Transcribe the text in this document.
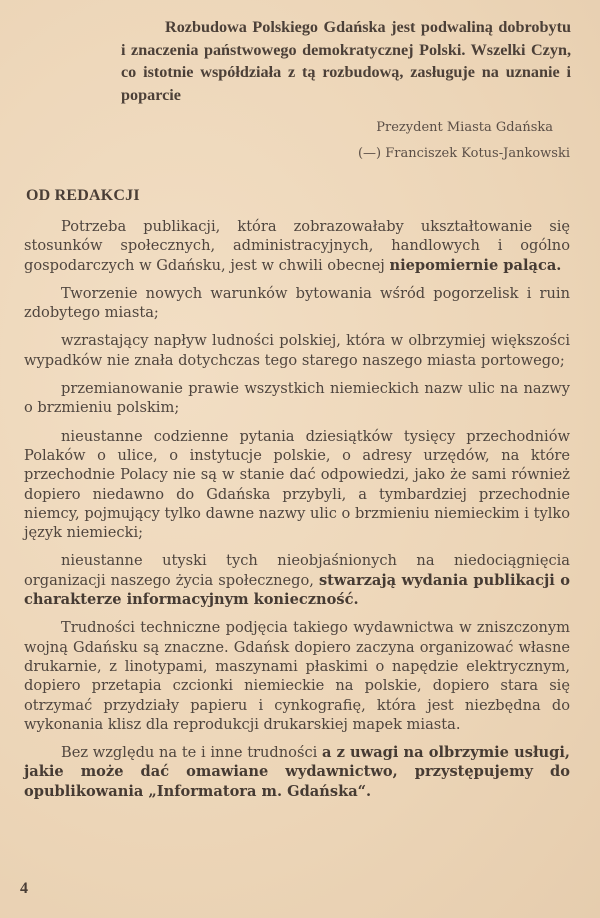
Rozbudowa Polskiego Gdańska jest podwaliną dobrobytu i znaczenia państwowego demokratycznej Polski. Wszelki Czyn, co istotnie współdziała z tą rozbudową, zasługuje na uznanie i poparcie

Prezydent Miasta Gdańska
(—) Franciszek Kotus-Jankowski
OD REDAKCJI

Potrzeba publikacji, która zobrazowałaby ukształtowanie się stosunków społecznych, administracyjnych, handlowych i ogólno gospodarczych w Gdańsku, jest w chwili obecnej niepomiernie paląca.

Tworzenie nowych warunków bytowania wśród pogorzelisk i ruin zdobytego miasta;

wzrastający napływ ludności polskiej, która w olbrzymiej większości wypadków nie znała dotychczas tego starego naszego miasta portowego;

przemianowanie prawie wszystkich niemieckich nazw ulic na nazwy o brzmieniu polskim;

nieustanne codzienne pytania dziesiątków tysięcy przechodniów Polaków o ulice, o instytucje polskie, o adresy urzędów, na które przechodnie Polacy nie są w stanie dać odpowiedzi, jako że sami również dopiero niedawno do Gdańska przybyli, a tymbardziej przechodnie niemcy, pojmujący tylko dawne nazwy ulic o brzmieniu niemieckim i tylko język niemiecki;

nieustanne utyski tych nieobjaśnionych na niedociągnięcia organizacji naszego życia społecznego, stwarzają wydania publikacji o charakterze informacyjnym konieczność.

Trudności techniczne podjęcia takiego wydawnictwa w zniszczonym wojną Gdańsku są znaczne. Gdańsk dopiero zaczyna organizować własne drukarnie, z linotypami, maszynami płaskimi o napędzie elektrycznym, dopiero przetapia czcionki niemieckie na polskie, dopiero stara się otrzymać przydziały papieru i cynkografię, która jest niezbędna do wykonania klisz dla reprodukcji drukarskiej mapek miasta.

Bez względu na te i inne trudności a z uwagi na olbrzymie usługi, jakie może dać omawiane wydawnictwo, przystępujemy do opublikowania „Informatora m. Gdańska“.

4
